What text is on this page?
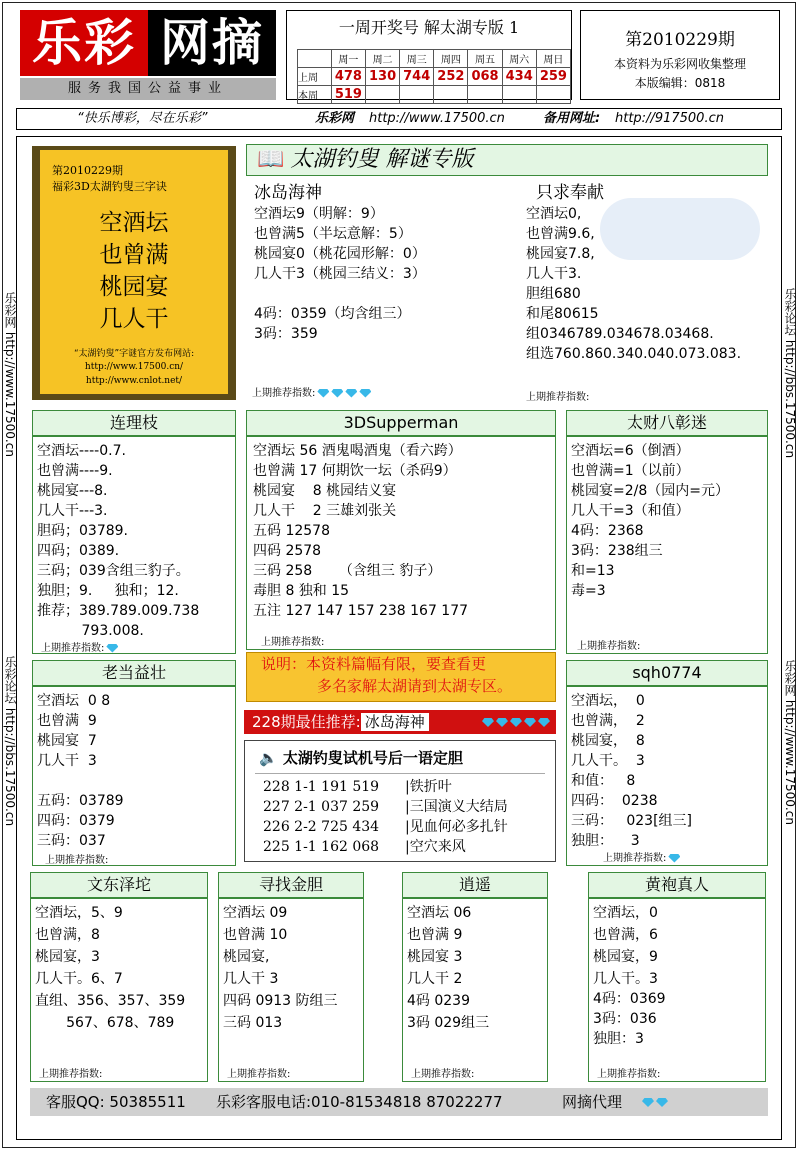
乐彩 网摘
服务我国公益事业
一周开奖号 解太湖专版 1
	周一	周二	周三	周四	周五	周六	周日
上周	478	130	744	252	068	434	259
本周	519						
第2010229期
本资料为乐彩网收集整理
本版编辑：0818
“快乐博彩，尽在乐彩”	乐彩网 http://www.17500.cn	备用网址: http://917500.cn
乐彩网 http://www.17500.cn
乐彩论坛 http://bbs.17500.cn
乐彩论坛 http://bbs.17500.cn
乐彩网 http://www.17500.cn
第2010229期
福彩3D太湖钓叟三字诀
空酒坛
也曾满
桃园宴
几人干
“太湖钓叟”字谜官方发布网站:
http://www.17500.cn/
http://www.cnlot.net/
📖 太湖钓叟 解谜专版
冰岛海神
空酒坛9（明解：9）
也曾满5（半坛意解：5）
桃园宴0（桃花园形解：0）
几人干3（桃园三结义：3）
4码：0359（均含组三）
3码：359
上期推荐指数:
只求奉献
空酒坛0,
也曾满9.6,
桃园宴7.8,
几人干3.
胆组680
和尾80615
组0346789.034678.03468.
组选760.860.340.040.073.083.
上期推荐指数:
连理枝
空酒坛----0.7.
也曾满----9.
桃园宴---8.
几人干---3.
胆码；03789.
四码；0389.
三码；039含组三豹子。
独胆；9.     独和；12.
推荐；389.789.009.738
793.008.
上期推荐指数:
3DSupperman
空酒坛 56 酒鬼喝酒鬼（看六跨）
也曾满 17 何期饮一坛（杀码9）
桃园宴    8 桃园结义宴
几人干    2 三雄刘张关
五码 12578
四码 2578
三码 258      （含组三 豹子）
毒胆 8 独和 15
五注 127 147 157 238 167 177
上期推荐指数:
太财八彰迷
空酒坛=6（倒酒）
也曾满=1（以前）
桃园宴=2/8（园内=元）
几人干=3（和值）
4码：2368
3码：238组三
和=13
毒=3
上期推荐指数:
老当益壮
空酒坛  0 8
也曾满  9
桃园宴  7
几人干  3
五码：03789
四码：0379
三码：037
上期推荐指数:
说明：本资料篇幅有限，要查看更
多名家解太湖请到太湖专区。
228期最佳推荐: 冰岛海神
🔈 太湖钓叟试机号后一语定胆
228 1-1 191 519 |铁折叶
227 2-1 037 259 |三国演义大结局
226 2-2 725 434 |见血何必多扎针
225 1-1 162 068 |空穴来风
sqh0774
空酒坛，  0
也曾满，  2
桃园宴，  8
几人干。  3
和值：   8
四码：  0238
三码：   023[组三]
独胆：    3
上期推荐指数:
文东泽坨
空酒坛，5、9
也曾满，8
桃园宴，3
几人干。6、7
直组、356、357、359
567、678、789
上期推荐指数:
寻找金胆
空酒坛 09
也曾满 10
桃园宴,
几人干 3
四码 0913 防组三
三码 013
上期推荐指数:
逍遥
空酒坛 06
也曾满 9
桃园宴 3
几人干 2
4码 0239
3码 029组三
上期推荐指数:
黄袍真人
空酒坛，0
也曾满，6
桃园宴，9
几人干。3
4码：0369
3码：036
独胆：3
上期推荐指数:
客服QQ: 50385511 乐彩客服电话:010-81534818 87022277	网摘代理
